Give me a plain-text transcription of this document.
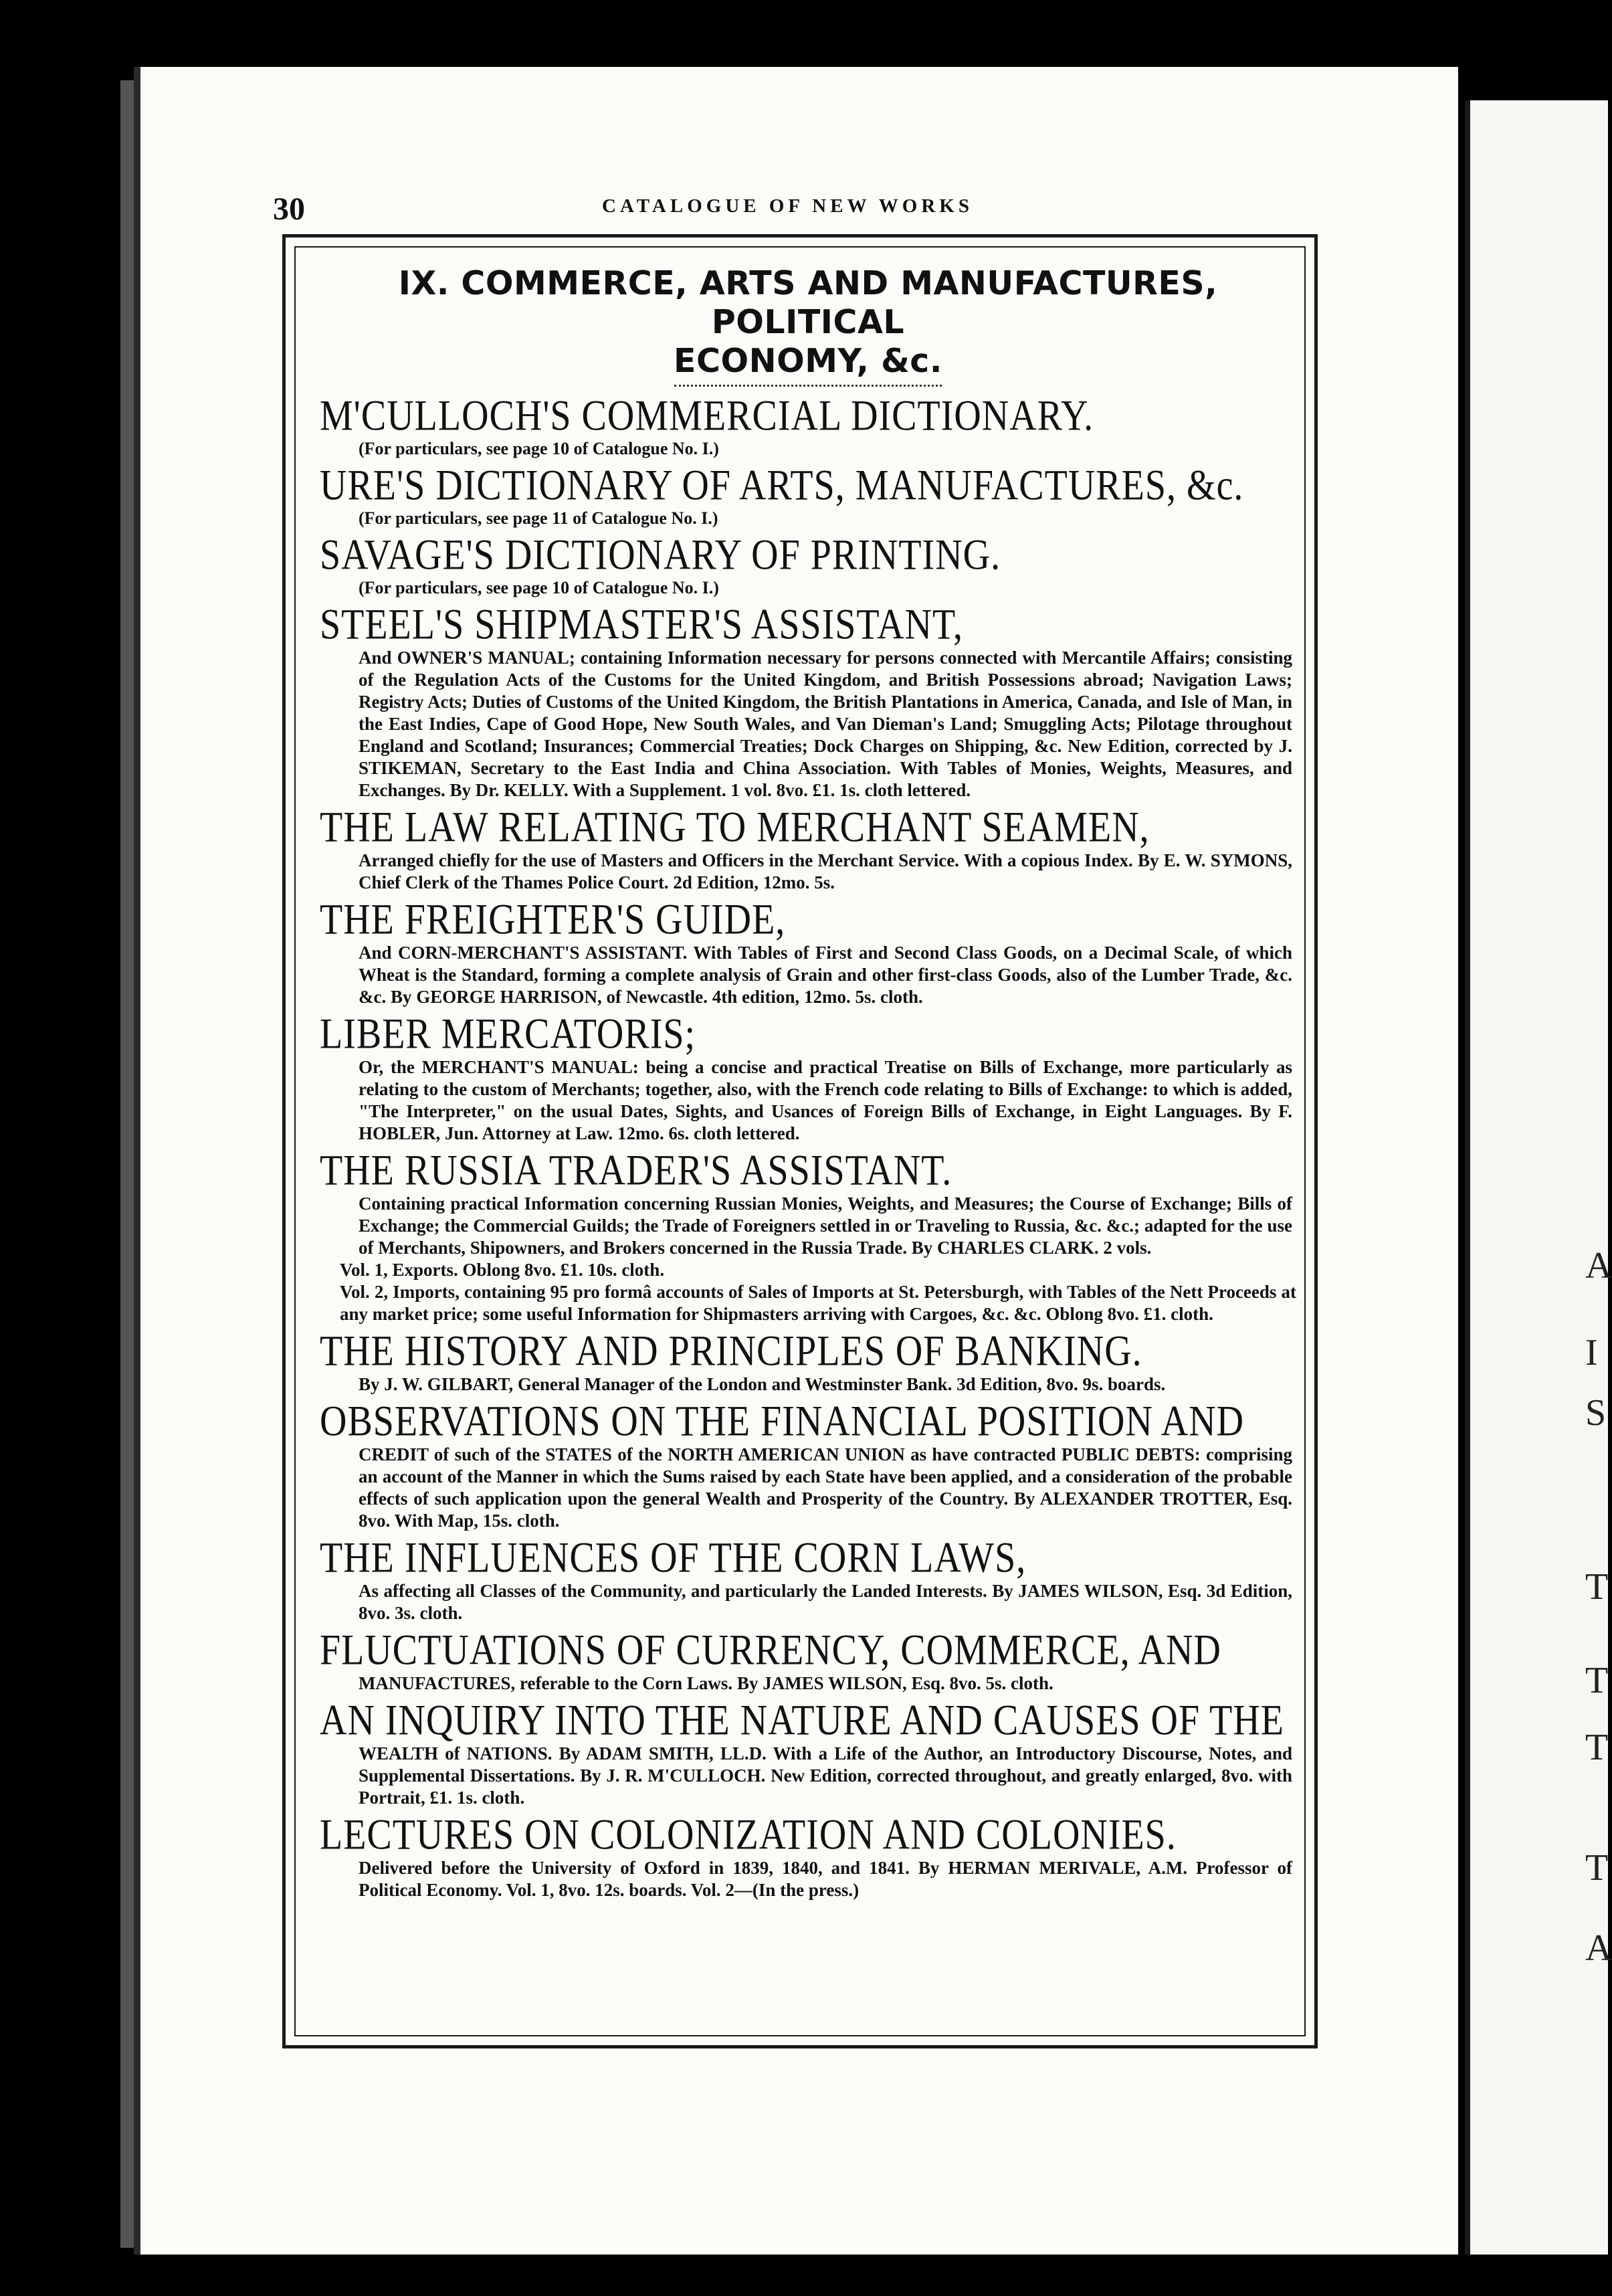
A
I
S
T
T
T
T
A
30	CATALOGUE OF NEW WORKS
IX. COMMERCE, ARTS AND MANUFACTURES, POLITICAL
ECONOMY, &c.
M'CULLOCH'S COMMERCIAL DICTIONARY.
(For particulars, see page 10 of Catalogue No. I.)
URE'S DICTIONARY OF ARTS, MANUFACTURES, &c.
(For particulars, see page 11 of Catalogue No. I.)
SAVAGE'S DICTIONARY OF PRINTING.
(For particulars, see page 10 of Catalogue No. I.)
STEEL'S SHIPMASTER'S ASSISTANT,
And OWNER'S MANUAL; containing Information necessary for persons connected with Mercantile Affairs; consisting of the Regulation Acts of the Customs for the United Kingdom, and British Possessions abroad; Navigation Laws; Registry Acts; Duties of Customs of the United Kingdom, the British Plantations in America, Canada, and Isle of Man, in the East Indies, Cape of Good Hope, New South Wales, and Van Dieman's Land; Smuggling Acts; Pilotage throughout England and Scotland; Insurances; Commercial Treaties; Dock Charges on Shipping, &c. New Edition, corrected by J. STIKEMAN, Secretary to the East India and China Association. With Tables of Monies, Weights, Measures, and Exchanges. By Dr. KELLY. With a Supplement. 1 vol. 8vo. £1. 1s. cloth lettered.
THE LAW RELATING TO MERCHANT SEAMEN,
Arranged chiefly for the use of Masters and Officers in the Merchant Service. With a copious Index. By E. W. SYMONS, Chief Clerk of the Thames Police Court. 2d Edition, 12mo. 5s.
THE FREIGHTER'S GUIDE,
And CORN-MERCHANT'S ASSISTANT. With Tables of First and Second Class Goods, on a Decimal Scale, of which Wheat is the Standard, forming a complete analysis of Grain and other first-class Goods, also of the Lumber Trade, &c. &c. By GEORGE HARRISON, of Newcastle. 4th edition, 12mo. 5s. cloth.
LIBER MERCATORIS;
Or, the MERCHANT'S MANUAL: being a concise and practical Treatise on Bills of Exchange, more particularly as relating to the custom of Merchants; together, also, with the French code relating to Bills of Exchange: to which is added, "The Interpreter," on the usual Dates, Sights, and Usances of Foreign Bills of Exchange, in Eight Languages. By F. HOBLER, Jun. Attorney at Law. 12mo. 6s. cloth lettered.
THE RUSSIA TRADER'S ASSISTANT.
Containing practical Information concerning Russian Monies, Weights, and Measures; the Course of Exchange; Bills of Exchange; the Commercial Guilds; the Trade of Foreigners settled in or Traveling to Russia, &c. &c.; adapted for the use of Merchants, Shipowners, and Brokers concerned in the Russia Trade. By CHARLES CLARK. 2 vols.
Vol. 1, Exports. Oblong 8vo. £1. 10s. cloth.
Vol. 2, Imports, containing 95 pro formâ accounts of Sales of Imports at St. Petersburgh, with Tables of the Nett Proceeds at any market price; some useful Information for Shipmasters arriving with Cargoes, &c. &c. Oblong 8vo. £1. cloth.
THE HISTORY AND PRINCIPLES OF BANKING.
By J. W. GILBART, General Manager of the London and Westminster Bank. 3d Edition, 8vo. 9s. boards.
OBSERVATIONS ON THE FINANCIAL POSITION AND
CREDIT of such of the STATES of the NORTH AMERICAN UNION as have contracted PUBLIC DEBTS: comprising an account of the Manner in which the Sums raised by each State have been applied, and a consideration of the probable effects of such application upon the general Wealth and Prosperity of the Country. By ALEXANDER TROTTER, Esq. 8vo. With Map, 15s. cloth.
THE INFLUENCES OF THE CORN LAWS,
As affecting all Classes of the Community, and particularly the Landed Interests. By JAMES WILSON, Esq. 3d Edition, 8vo. 3s. cloth.
FLUCTUATIONS OF CURRENCY, COMMERCE, AND
MANUFACTURES, referable to the Corn Laws. By JAMES WILSON, Esq. 8vo. 5s. cloth.
AN INQUIRY INTO THE NATURE AND CAUSES OF THE
WEALTH of NATIONS. By ADAM SMITH, LL.D. With a Life of the Author, an Introductory Discourse, Notes, and Supplemental Dissertations. By J. R. M'CULLOCH. New Edition, corrected throughout, and greatly enlarged, 8vo. with Portrait, £1. 1s. cloth.
LECTURES ON COLONIZATION AND COLONIES.
Delivered before the University of Oxford in 1839, 1840, and 1841. By HERMAN MERIVALE, A.M. Professor of Political Economy. Vol. 1, 8vo. 12s. boards. Vol. 2—(In the press.)
